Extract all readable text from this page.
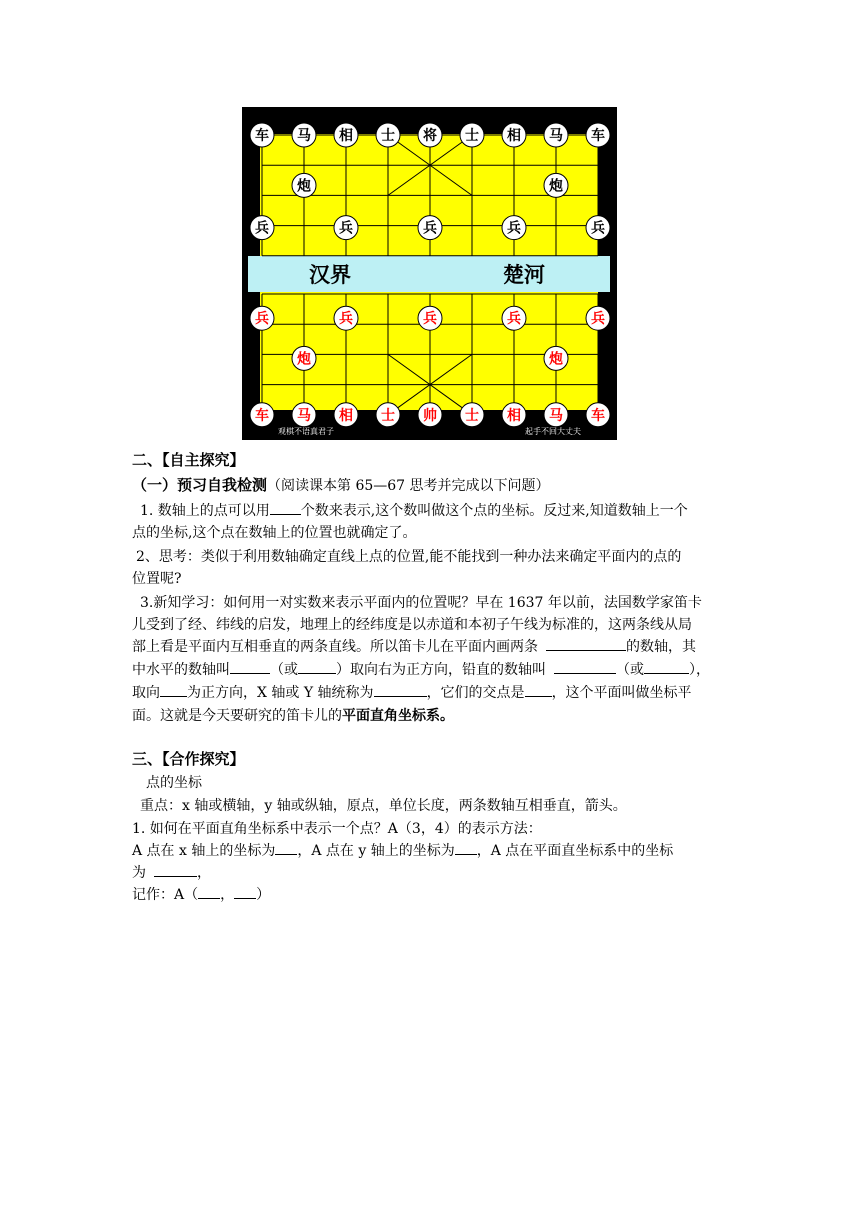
汉界	楚河
观棋不语真君子	起手不回大丈夫
车 马 相 士 将 士 相 马 车
炮	炮
兵	兵	兵	兵	兵
兵	兵	兵	兵	兵
炮	炮
车 马 相 士 帅 士 相 马 车
二、【自主探究】
（一）预习自我检测（阅读课本第 65—67 思考并完成以下问题）
1. 数轴上的点可以用 个数来表示,这个数叫做这个点的坐标。反过来,知道数轴上一个
点的坐标,这个点在数轴上的位置也就确定了。
2、思考：类似于利用数轴确定直线上点的位置,能不能找到一种办法来确定平面内的点的
位置呢?
3.新知学习：如何用一对实数来表示平面内的位置呢？早在 1637 年以前，法国数学家笛卡
儿受到了经、纬线的启发，地理上的经纬度是以赤道和本初子午线为标准的，这两条线从局
部上看是平面内互相垂直的两条直线。所以笛卡儿在平面内画两条	的数轴，其
中水平的数轴叫	（或	）取向右为正方向，铅直的数轴叫	（或	），
取向 为正方向，X 轴或 Y 轴统称为	，它们的交点是 ，这个平面叫做坐标平
面。这就是今天要研究的笛卡儿的平面直角坐标系。
三、【合作探究】
点的坐标
重点：x 轴或横轴，y 轴或纵轴，原点，单位长度，两条数轴互相垂直，箭头。
1. 如何在平面直角坐标系中表示一个点？A（3，4）的表示方法：
A 点在 x 轴上的坐标为 ，A 点在 y 轴上的坐标为 ，A 点在平面直坐标系中的坐标
为	，
记作：A（ ， ）
